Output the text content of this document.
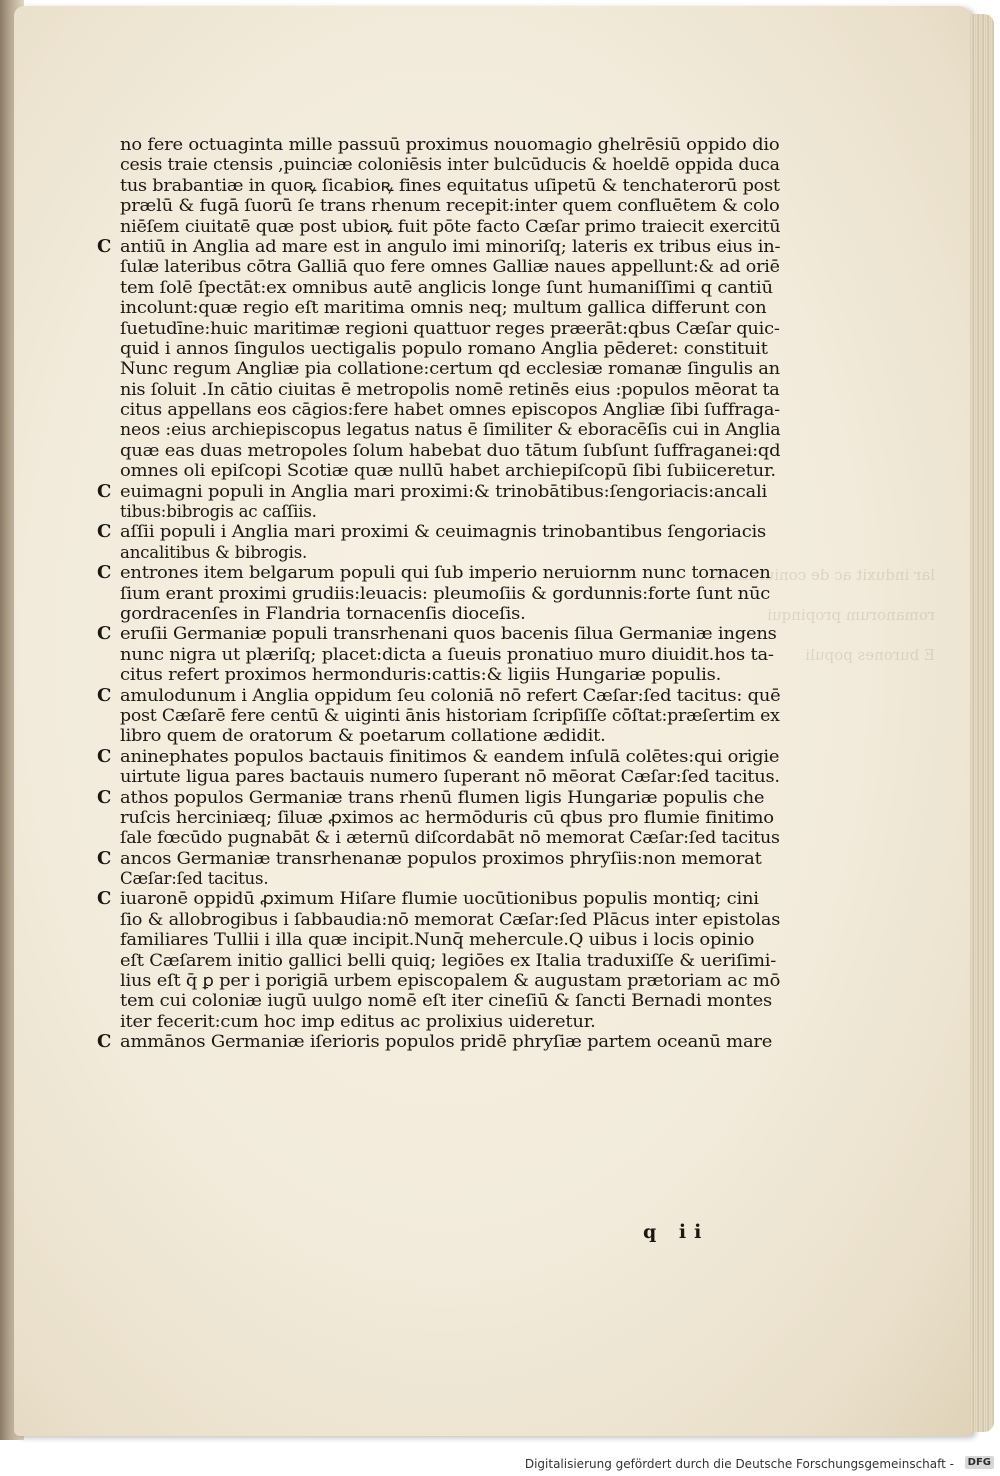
lar induxit ac de coniuratione

romanorum propinqui

E burones populi
no fere octuaginta mille passuū proximus nouomagio ghelrēsiū oppido dio
cesis traie ctensis ,puinciæ coloniēsis inter bulcūducis & hoeldē oppida duca
tus brabantiæ in quoꝶ ſicabioꝶ fines equitatus uſipetū & tenchaterorū post
prælū & fugā ſuorū ſe trans rhenum recepit:inter quem confluētem & colo
niēſem ciuitatē quæ post ubioꝶ fuit pōte facto Cæſar primo traiecit exercitū
C antiū in Anglia ad mare est in angulo imi minoriſq; lateris ex tribus eius in-
ſulæ lateribus cōtra Galliā quo fere omnes Galliæ naues appellunt:& ad oriē
tem ſolē ſpectāt:ex omnibus autē anglicis longe ſunt humaniſſimi q cantiū
incolunt:quæ regio eſt maritima omnis neq; multum gallica differunt con
ſuetudīne:huic maritimæ regioni quattuor reges præerāt:qbus Cæſar quic-
quid i annos ſingulos uectigalis populo romano Anglia pēderet: constituit
Nunc regum Angliæ pia collatione:certum qd ecclesiæ romanæ ſingulis an
nis ſoluit .In cātio ciuitas ē metropolis nomē retinēs eius :populos mēorat ta
citus appellans eos cāgios:fere habet omnes episcopos Angliæ ſibi ſuffraga-
neos :eius archiepiscopus legatus natus ē ſimiliter & eboracēſis cui in Anglia
quæ eas duas metropoles ſolum habebat duo tātum ſubſunt ſuffraganei:qd
omnes oli epiſcopi Scotiæ quæ nullū habet archiepiſcopū ſibi ſubiiceretur.
C euimagni populi in Anglia mari proximi:& trinobātibus:ſengoriacis:ancali
tibus:bibrogis ac caſſiis.
C aſſii populi i Anglia mari proximi & ceuimagnis trinobantibus ſengoriacis
ancalitibus & bibrogis.
C entrones item belgarum populi qui ſub imperio neruiornm nunc tornacen
ſium erant proximi grudiis:leuacis: pleumoſiis & gordunnis:forte ſunt nūc
gordracenſes in Flandria tornacenſis dioceſis.
C eruſii Germaniæ populi transrhenani quos bacenis ſilua Germaniæ ingens
nunc nigra ut plæriſq; placet:dicta a ſueuis pronatiuo muro diuidit.hos ta-
citus refert proximos hermonduris:cattis:& ligiis Hungariæ populis.
C amulodunum i Anglia oppidum ſeu coloniā nō refert Cæſar:ſed tacitus: quē
post Cæſarē fere centū & uiginti ānis historiam ſcripſiſſe cōſtat:præſertim ex
libro quem de oratorum & poetarum collatione ædidit.
C aninephates populos bactauis finitimos & eandem inſulā colētes:qui origie
uirtute ligua pares bactauis numero ſuperant nō mēorat Cæſar:ſed tacitus.
C athos populos Germaniæ trans rhenū flumen ligis Hungariæ populis che
ruſcis herciniæq; ſiluæ ꝓximos ac hermōduris cū qbus pro flumie finitimo
ſale fœcūdo pugnabāt & i æternū diſcordabāt nō memorat Cæſar:ſed tacitus
C ancos Germaniæ transrhenanæ populos proximos phryſiis:non memorat
Cæſar:ſed tacitus.
C iuaronē oppidū ꝓximum Hiſare flumie uocūtionibus populis montiq; cini
ſio & allobrogibus i ſabbaudia:nō memorat Cæſar:ſed Plācus inter epistolas
familiares Tullii i illa quæ incipit.Nunq̄ mehercule.Q uibus i locis opinio
eſt Cæſarem initio gallici belli quiq; legiōes ex Italia traduxiſſe & ueriſimi-
lius eſt q̄ ꝑ per i porigiā urbem episcopalem & augustam prætoriam ac mō
tem cui coloniæ iugū uulgo nomē eſt iter cineſiū & ſancti Bernadi montes
iter fecerit:cum hoc imp editus ac prolixius uideretur.
C ammānos Germaniæ iſerioris populos pridē phryſiæ partem oceanū mare
q ii
Digitalisierung gefördert durch die Deutsche Forschungsgemeinschaft -	DFG
